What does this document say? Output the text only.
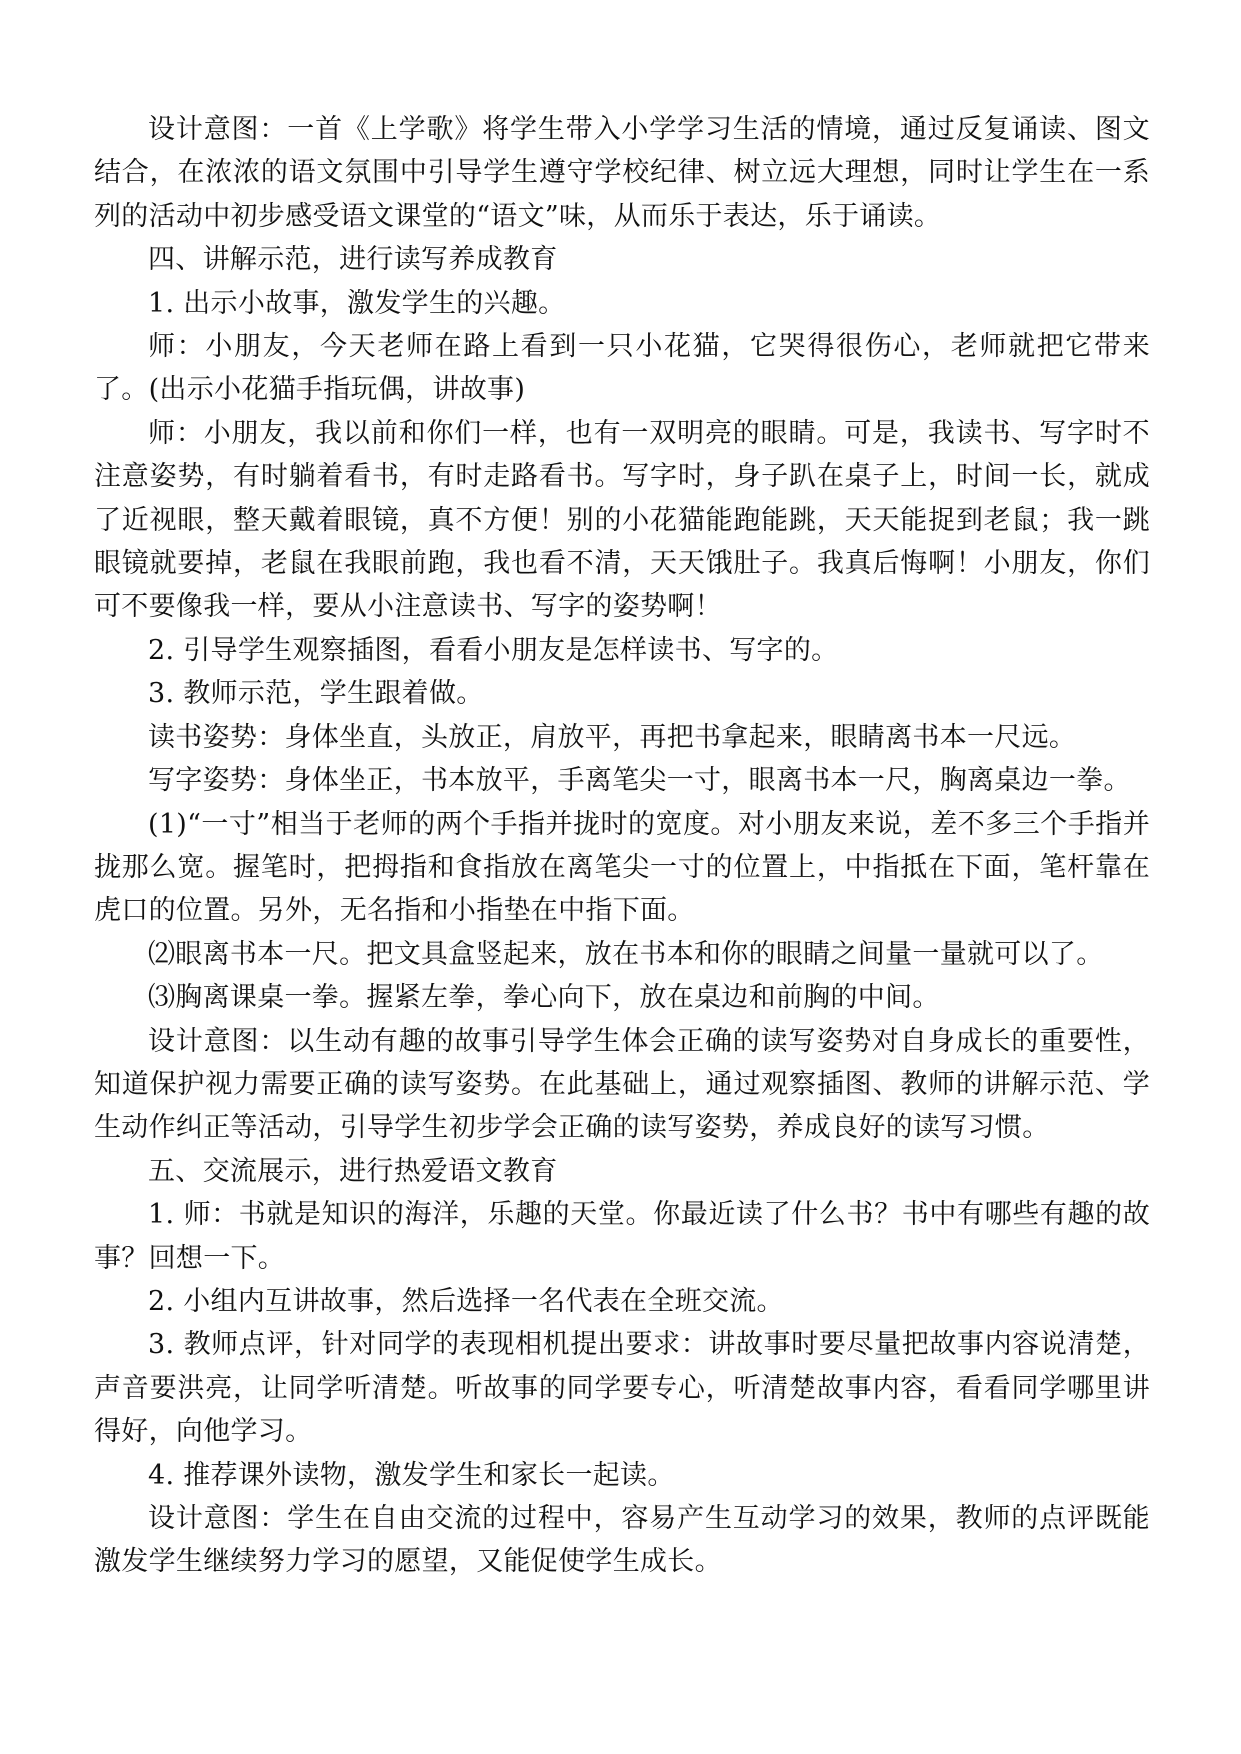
设计意图：一首《上学歌》将学生带入小学学习生活的情境，通过反复诵读、图文结合，在浓浓的语文氛围中引导学生遵守学校纪律、树立远大理想，同时让学生在一系列的活动中初步感受语文课堂的“语文”味，从而乐于表达，乐于诵读。

四、讲解示范，进行读写养成教育

1. 出示小故事，激发学生的兴趣。

师：小朋友，今天老师在路上看到一只小花猫，它哭得很伤心，老师就把它带来了。(出示小花猫手指玩偶，讲故事)

师：小朋友，我以前和你们一样，也有一双明亮的眼睛。可是，我读书、写字时不注意姿势，有时躺着看书，有时走路看书。写字时，身子趴在桌子上，时间一长，就成了近视眼，整天戴着眼镜，真不方便！别的小花猫能跑能跳，天天能捉到老鼠；我一跳眼镜就要掉，老鼠在我眼前跑，我也看不清，天天饿肚子。我真后悔啊！小朋友，你们可不要像我一样，要从小注意读书、写字的姿势啊！

2. 引导学生观察插图，看看小朋友是怎样读书、写字的。

3. 教师示范，学生跟着做。

读书姿势：身体坐直，头放正，肩放平，再把书拿起来，眼睛离书本一尺远。

写字姿势：身体坐正，书本放平，手离笔尖一寸，眼离书本一尺，胸离桌边一拳。

(1)“一寸”相当于老师的两个手指并拢时的宽度。对小朋友来说，差不多三个手指并拢那么宽。握笔时，把拇指和食指放在离笔尖一寸的位置上，中指抵在下面，笔杆靠在虎口的位置。另外，无名指和小指垫在中指下面。

⑵眼离书本一尺。把文具盒竖起来，放在书本和你的眼睛之间量一量就可以了。

⑶胸离课桌一拳。握紧左拳，拳心向下，放在桌边和前胸的中间。

设计意图：以生动有趣的故事引导学生体会正确的读写姿势对自身成长的重要性，知道保护视力需要正确的读写姿势。在此基础上，通过观察插图、教师的讲解示范、学生动作纠正等活动，引导学生初步学会正确的读写姿势，养成良好的读写习惯。

五、交流展示，进行热爱语文教育

1. 师：书就是知识的海洋，乐趣的天堂。你最近读了什么书？书中有哪些有趣的故事？回想一下。

2. 小组内互讲故事，然后选择一名代表在全班交流。

3. 教师点评，针对同学的表现相机提出要求：讲故事时要尽量把故事内容说清楚，声音要洪亮，让同学听清楚。听故事的同学要专心，听清楚故事内容，看看同学哪里讲得好，向他学习。

4. 推荐课外读物，激发学生和家长一起读。

设计意图：学生在自由交流的过程中，容易产生互动学习的效果，教师的点评既能激发学生继续努力学习的愿望，又能促使学生成长。
